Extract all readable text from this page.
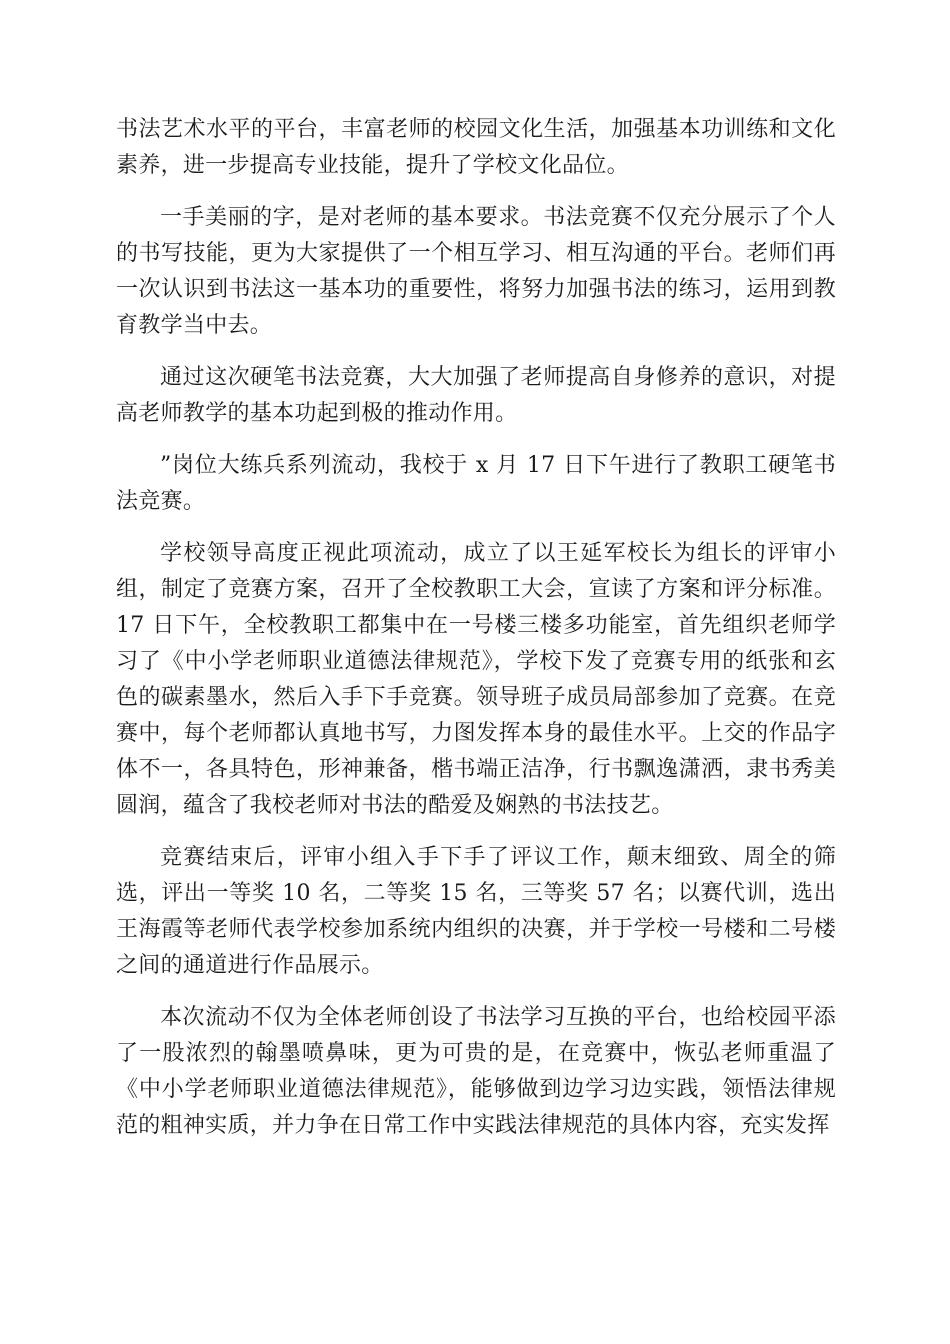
书法艺术水平的平台，丰富老师的校园文化生活，加强基本功训练和文化素养，进一步提高专业技能，提升了学校文化品位。

一手美丽的字，是对老师的基本要求。书法竞赛不仅充分展示了个人的书写技能，更为大家提供了一个相互学习、相互沟通的平台。老师们再一次认识到书法这一基本功的重要性，将努力加强书法的练习，运用到教育教学当中去。

通过这次硬笔书法竞赛，大大加强了老师提高自身修养的意识，对提高老师教学的基本功起到极的推动作用。

”岗位大练兵系列流动，我校于 x 月 17 日下午进行了教职工硬笔书法竞赛。

学校领导高度正视此项流动，成立了以王延军校长为组长的评审小组，制定了竞赛方案，召开了全校教职工大会，宣读了方案和评分标准。17 日下午，全校教职工都集中在一号楼三楼多功能室，首先组织老师学习了《中小学老师职业道德法律规范》，学校下发了竞赛专用的纸张和玄色的碳素墨水，然后入手下手竞赛。领导班子成员局部参加了竞赛。在竞赛中，每个老师都认真地书写，力图发挥本身的最佳水平。上交的作品字体不一，各具特色，形神兼备，楷书端正洁净，行书飘逸潇洒，隶书秀美圆润，蕴含了我校老师对书法的酷爱及娴熟的书法技艺。

竞赛结束后，评审小组入手下手了评议工作，颠末细致、周全的筛选，评出一等奖 10 名，二等奖 15 名，三等奖 57 名；以赛代训，选出王海霞等老师代表学校参加系统内组织的决赛，并于学校一号楼和二号楼之间的通道进行作品展示。

本次流动不仅为全体老师创设了书法学习互换的平台，也给校园平添了一股浓烈的翰墨喷鼻味，更为可贵的是，在竞赛中，恢弘老师重温了《中小学老师职业道德法律规范》，能够做到边学习边实践，领悟法律规范的粗神实质，并力争在日常工作中实践法律规范的具体内容，充实发挥
